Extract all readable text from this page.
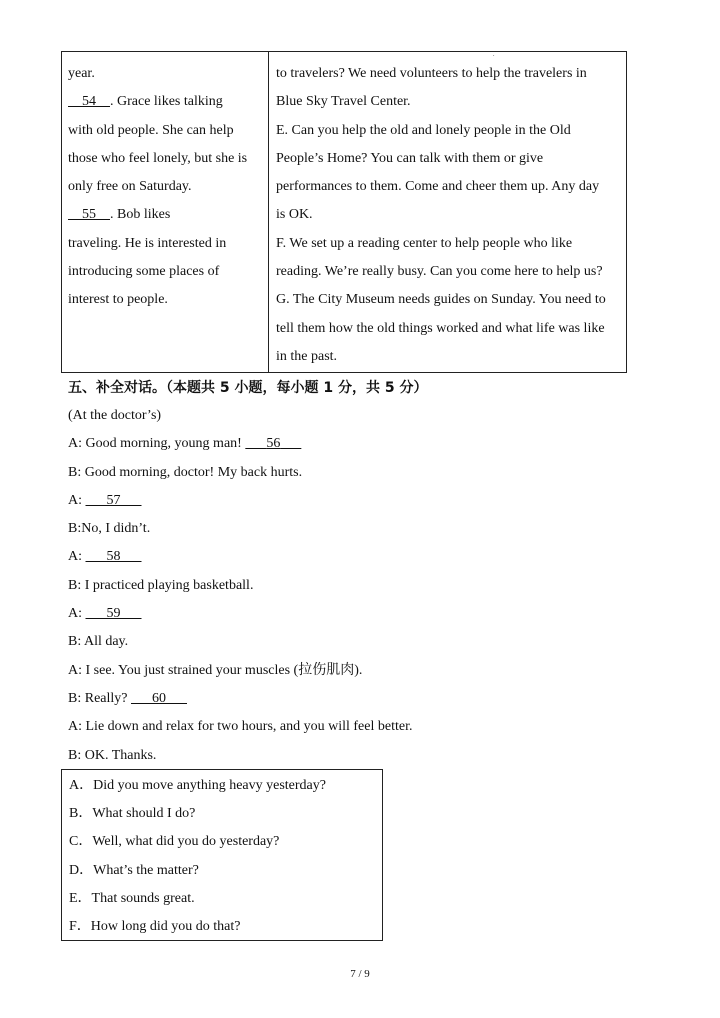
year.
54 . Grace likes talking
with old people. She can help
those who feel lonely, but she is
only free on Saturday.
55 . Bob likes
traveling. He is interested in
introducing some places of
interest to people.
to travelers? We need volunteers to help the travelers in
Blue Sky Travel Center.
E. Can you help the old and lonely people in the Old
People’s Home? You can talk with them or give
performances to them. Come and cheer them up. Any day
is OK.
F. We set up a reading center to help people who like
reading. We’re really busy. Can you come here to help us?
G. The City Museum needs guides on Sunday. You need to
tell them how the old things worked and what life was like
in the past.
.
五、补全对话。（本题共 5 小题，每小题 1 分，共 5 分）
(At the doctor’s)
A: Good morning, young man! 56
B: Good morning, doctor! My back hurts.
A: 57
B:No, I didn’t.
A: 58
B: I practiced playing basketball.
A: 59
B: All day.
A: I see. You just strained your muscles (拉伤肌肉).
B: Really? 60
A: Lie down and relax for two hours, and you will feel better.
B: OK. Thanks.
A．Did you move anything heavy yesterday?
B．What should I do?
C．Well, what did you do yesterday?
D．What’s the matter?
E．That sounds great.
F．How long did you do that?
7 / 9
